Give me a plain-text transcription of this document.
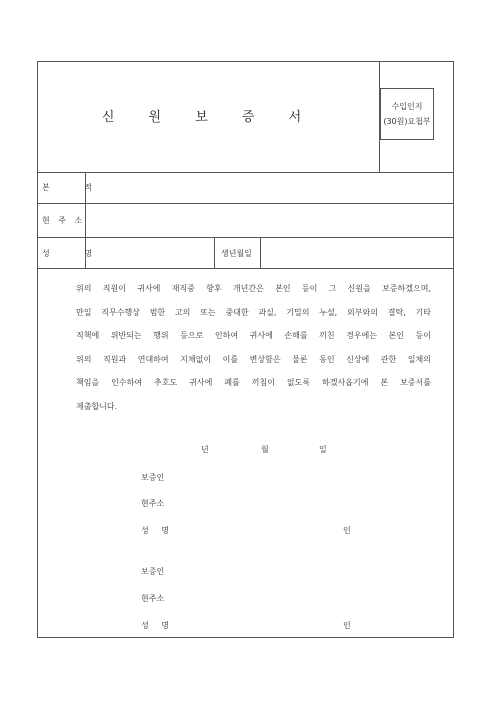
신 원 보 증 서
수입인지
(30원)요첩부
본 적
현 주 소
성 명	생년월일
위의 직원이 귀사에 재직중 향후 개년간은 본인 등이 그 신원을 보증하겠으며,
만일 직무수행상 범한 고의 또는 중대한 과실, 기밀의 누설, 외부와의 결탁, 기타
직책에 위반되는 행위 등으로 인하여 귀사에 손해를 끼친 경우에는 본인 등이
위의 직원과 연대하여 지체없이 이를 변상함은 물론 동인 신상에 관한 일체의
책임을 인수하여 추호도 귀사에 폐를 끼침이 없도록 하겠사옵기에 본 보증서를
제출합니다.
년	월	일
보증인
현주소
성 명	인
보증인
현주소
성 명	인
